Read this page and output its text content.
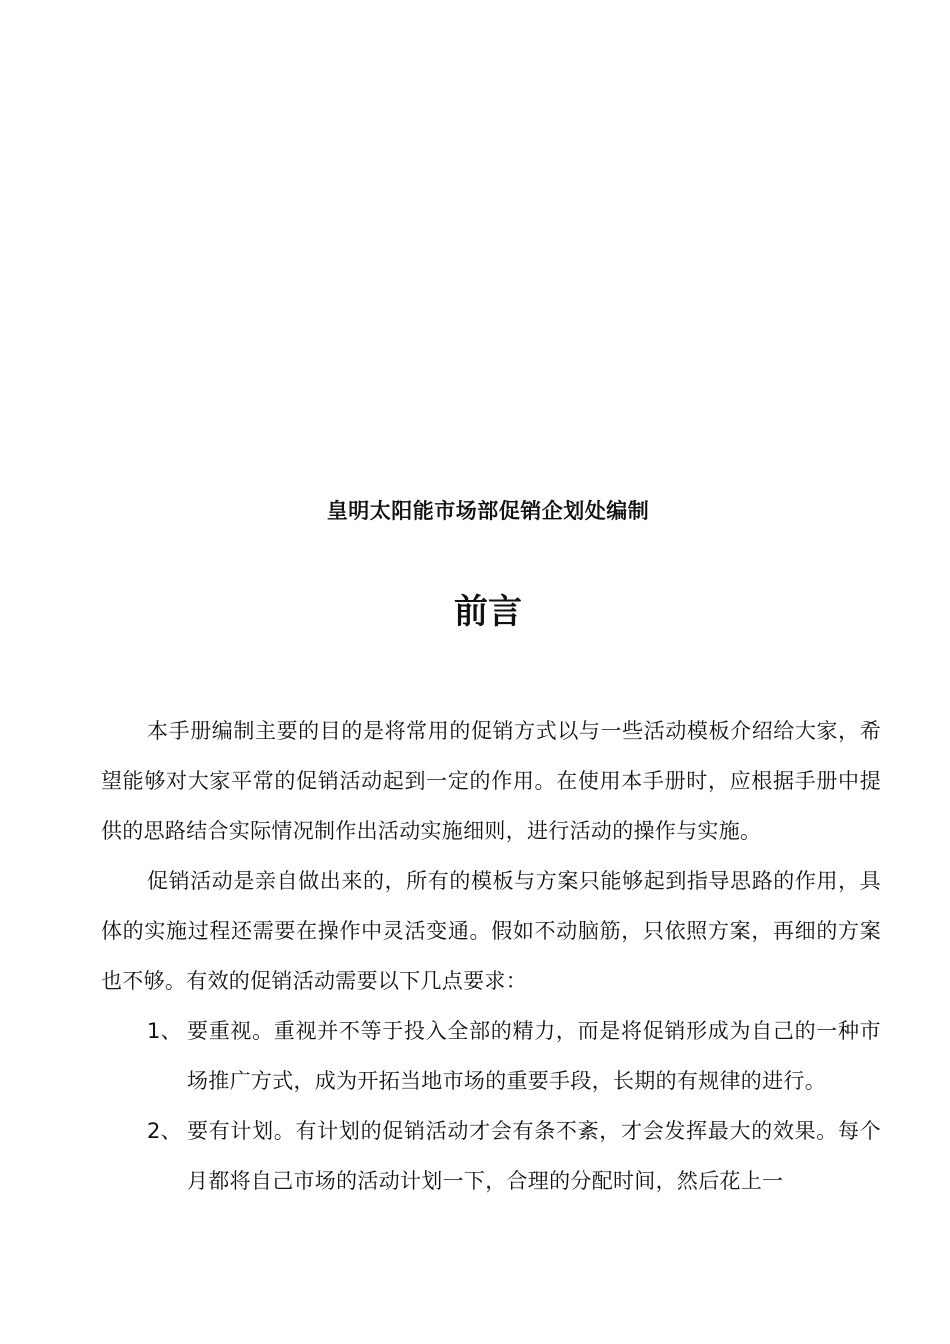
皇明太阳能市场部促销企划处编制
前言

本手册编制主要的目的是将常用的促销方式以与一些活动模板介绍给大家，希望能够对大家平常的促销活动起到一定的作用。在使用本手册时，应根据手册中提供的思路结合实际情况制作出活动实施细则，进行活动的操作与实施。

促销活动是亲自做出来的，所有的模板与方案只能够起到指导思路的作用，具体的实施过程还需要在操作中灵活变通。假如不动脑筋，只依照方案，再细的方案也不够。有效的促销活动需要以下几点要求：

1、 要重视。重视并不等于投入全部的精力，而是将促销形成为自己的一种市场推广方式，成为开拓当地市场的重要手段，长期的有规律的进行。
2、 要有计划。有计划的促销活动才会有条不紊，才会发挥最大的效果。每个月都将自己市场的活动计划一下，合理的分配时间，然后花上一
